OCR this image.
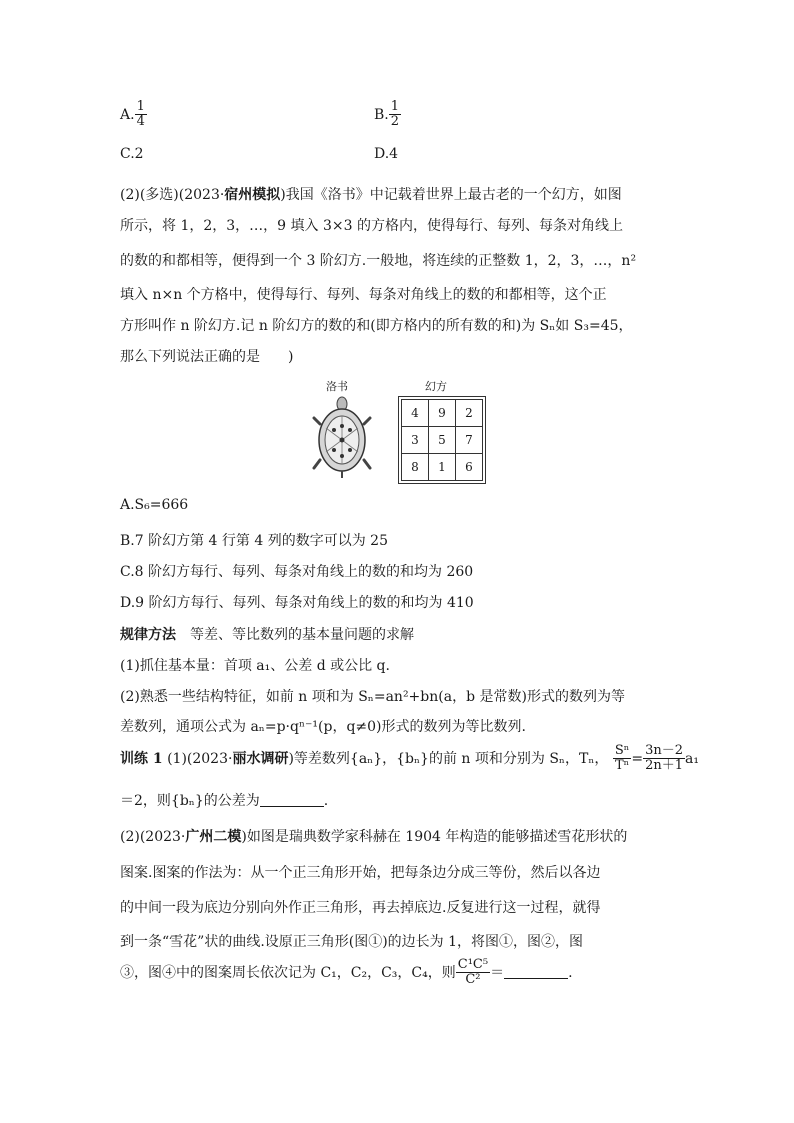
A. $\frac{1}{4}$	B. $\frac{1}{2}$
C.2	D.4
(2)(多选)(2023·宿州模拟)我国《洛书》中记载着世界上最古老的一个幻方，如图
所示，将 1，2，3，…，9 填入 3×3 的方格内，使得每行、每列、每条对角线上
的数的和都相等，便得到一个 3 阶幻方.一般地，将连续的正整数 1，2，3，…，n²
填入 n×n 个方格中，使得每行、每列、每条对角线上的数的和都相等，这个正
方形叫作 n 阶幻方.记 n 阶幻方的数的和(即方格内的所有数的和)为 Sₙ如 S₃=45，
那么下列说法正确的是　　)
洛书	幻方
4	9	2
3	5	7
8	1	6
A.S₆=666
B.7 阶幻方第 4 行第 4 列的数字可以为 25
C.8 阶幻方每行、每列、每条对角线上的数的和均为 260
D.9 阶幻方每行、每列、每条对角线上的数的和均为 410
规律方法　 等差、等比数列的基本量问题的求解
(1)抓住基本量：首项 a₁、公差 d 或公比 q.
(2)熟悉一些结构特征，如前 n 项和为 Sₙ=an²+bn(a，b 是常数)形式的数列为等
差数列，通项公式为 aₙ=p·qⁿ⁻¹(p，q≠0)形式的数列为等比数列.
训练 1 (1)(2023·丽水调研)等差数列{aₙ}，{bₙ}的前 n 项和分别为 Sₙ，Tₙ， $\frac{\text{Sⁿ}}{\text{Tⁿ}} = \frac{3n-2}{2n+1} a_1$
＝2，则{bₙ}的公差为	.
(2)(2023·广州二模)如图是瑞典数学家科赫在 1904 年构造的能够描述雪花形状的
图案.图案的作法为：从一个正三角形开始，把每条边分成三等份，然后以各边
的中间一段为底边分别向外作正三角形，再去掉底边.反复进行这一过程，就得
到一条“雪花”状的曲线.设原正三角形(图①)的边长为 1，将图①，图②，图
③，图④中的图案周长依次记为 C₁，C₂，C₃，C₄，则 $\frac{\text{C¹C⁵}}{\text{C²}}$ ＝	.
